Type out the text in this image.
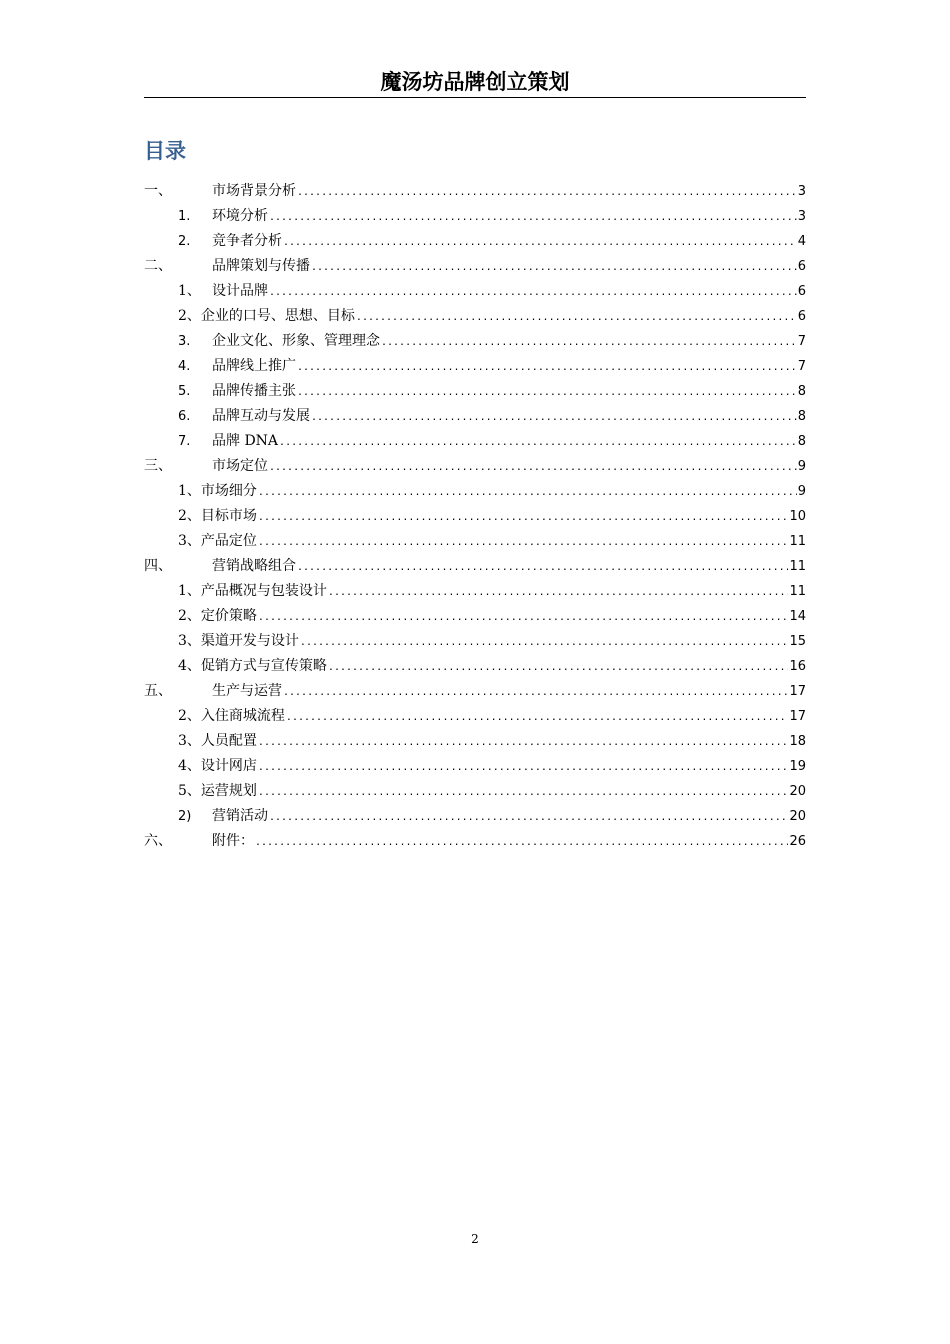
魔汤坊品牌创立策划
目录
一、	市场背景分析 .....	3
1.	环境分析 .....	3
2.	竞争者分析 .....	4
二、	品牌策划与传播 .....	6
1、 设计品牌 .....	6
2、企业的口号、思想、目标 .....	6
3.	企业文化、形象、管理理念 .....	7
4.	品牌线上推广 .....	7
5.	品牌传播主张 .....	8
6.	品牌互动与发展 .....	8
7.	品牌 DNA .....	8
三、	市场定位 .....	9
1、市场细分 .....	9
2、目标市场 .....	10
3、产品定位 .....	11
四、	营销战略组合 .....	11
1、产品概况与包装设计 .....	11
2、定价策略 .....	14
3、渠道开发与设计 .....	15
4、促销方式与宣传策略 .....	16
五、	生产与运营 .....	17
2、入住商城流程 .....	17
3、人员配置 .....	18
4、设计网店 .....	19
5、运营规划 .....	20
2)	营销活动 .....	20
六、	附件： .....	26
2
